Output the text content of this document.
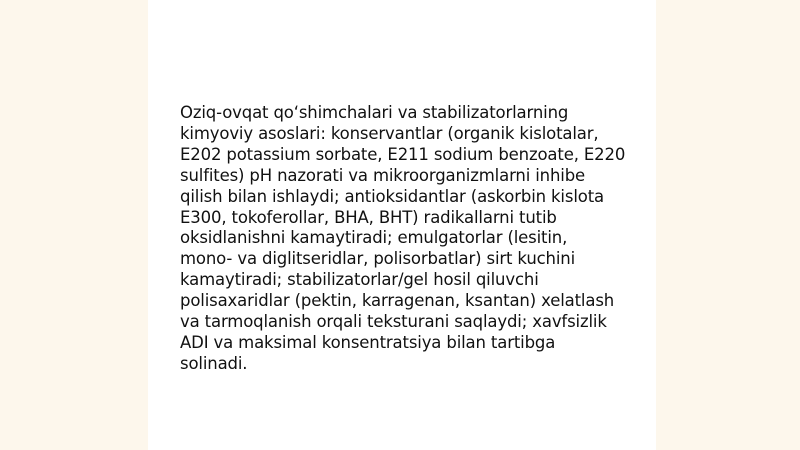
Oziq-ovqat qo‘shimchalari va stabilizatorlarning
kimyoviy asoslari: konservantlar (organik kislotalar,
E202 potassium sorbate, E211 sodium benzoate, E220
sulfites) pH nazorati va mikroorganizmlarni inhibe
qilish bilan ishlaydi; antioksidantlar (askorbin kislota
E300, tokoferollar, BHA, BHT) radikallarni tutib
oksidlanishni kamaytiradi; emulgatorlar (lesitin,
mono- va diglitseridlar, polisorbatlar) sirt kuchini
kamaytiradi; stabilizatorlar/gel hosil qiluvchi
polisaxaridlar (pektin, karragenan, ksantan) xelatlash
va tarmoqlanish orqali teksturani saqlaydi; xavfsizlik
ADI va maksimal konsentratsiya bilan tartibga
solinadi.
